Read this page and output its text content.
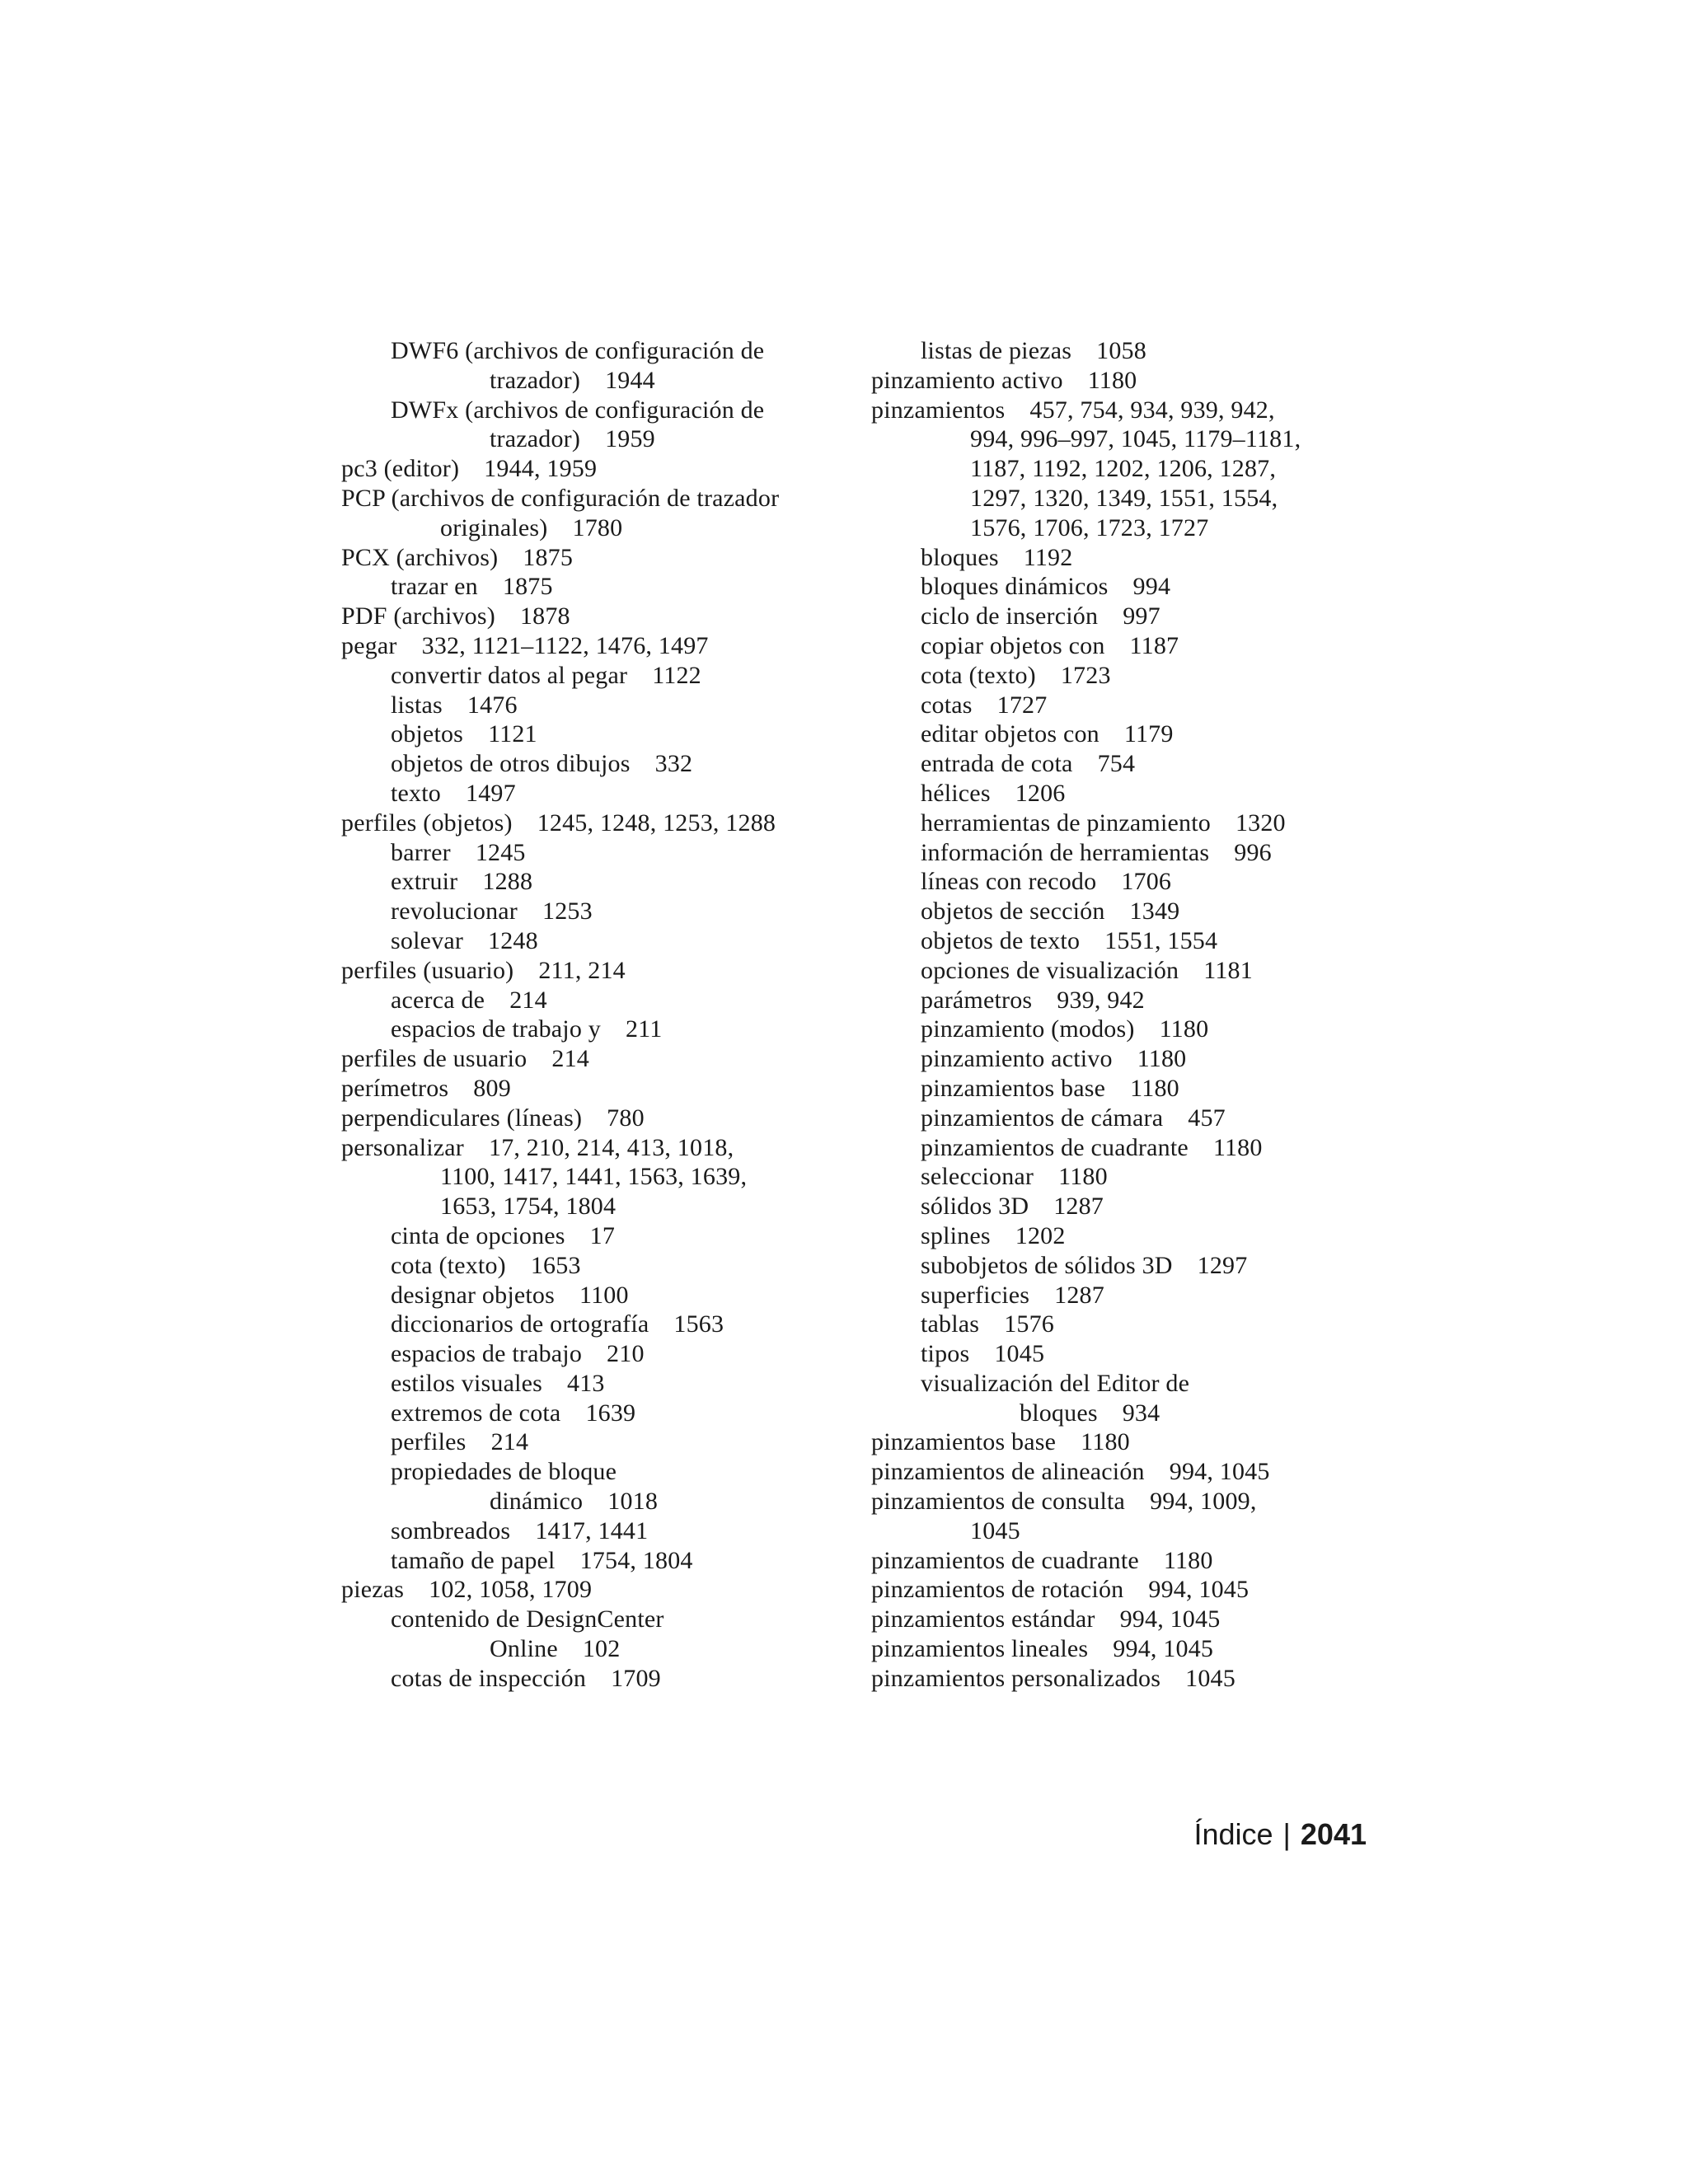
DWF6 (archivos de configuración de
trazador) 1944
DWFx (archivos de configuración de
trazador) 1959
pc3 (editor) 1944, 1959
PCP (archivos de configuración de trazador
originales) 1780
PCX (archivos) 1875
trazar en 1875
PDF (archivos) 1878
pegar 332, 1121–1122, 1476, 1497
convertir datos al pegar 1122
listas 1476
objetos 1121
objetos de otros dibujos 332
texto 1497
perfiles (objetos) 1245, 1248, 1253, 1288
barrer 1245
extruir 1288
revolucionar 1253
solevar 1248
perfiles (usuario) 211, 214
acerca de 214
espacios de trabajo y 211
perfiles de usuario 214
perímetros 809
perpendiculares (líneas) 780
personalizar 17, 210, 214, 413, 1018,
1100, 1417, 1441, 1563, 1639,
1653, 1754, 1804
cinta de opciones 17
cota (texto) 1653
designar objetos 1100
diccionarios de ortografía 1563
espacios de trabajo 210
estilos visuales 413
extremos de cota 1639
perfiles 214
propiedades de bloque
dinámico 1018
sombreados 1417, 1441
tamaño de papel 1754, 1804
piezas 102, 1058, 1709
contenido de DesignCenter
Online 102
cotas de inspección 1709
listas de piezas 1058
pinzamiento activo 1180
pinzamientos 457, 754, 934, 939, 942,
994, 996–997, 1045, 1179–1181,
1187, 1192, 1202, 1206, 1287,
1297, 1320, 1349, 1551, 1554,
1576, 1706, 1723, 1727
bloques 1192
bloques dinámicos 994
ciclo de inserción 997
copiar objetos con 1187
cota (texto) 1723
cotas 1727
editar objetos con 1179
entrada de cota 754
hélices 1206
herramientas de pinzamiento 1320
información de herramientas 996
líneas con recodo 1706
objetos de sección 1349
objetos de texto 1551, 1554
opciones de visualización 1181
parámetros 939, 942
pinzamiento (modos) 1180
pinzamiento activo 1180
pinzamientos base 1180
pinzamientos de cámara 457
pinzamientos de cuadrante 1180
seleccionar 1180
sólidos 3D 1287
splines 1202
subobjetos de sólidos 3D 1297
superficies 1287
tablas 1576
tipos 1045
visualización del Editor de
bloques 934
pinzamientos base 1180
pinzamientos de alineación 994, 1045
pinzamientos de consulta 994, 1009,
1045
pinzamientos de cuadrante 1180
pinzamientos de rotación 994, 1045
pinzamientos estándar 994, 1045
pinzamientos lineales 994, 1045
pinzamientos personalizados 1045
Índice | 2041
